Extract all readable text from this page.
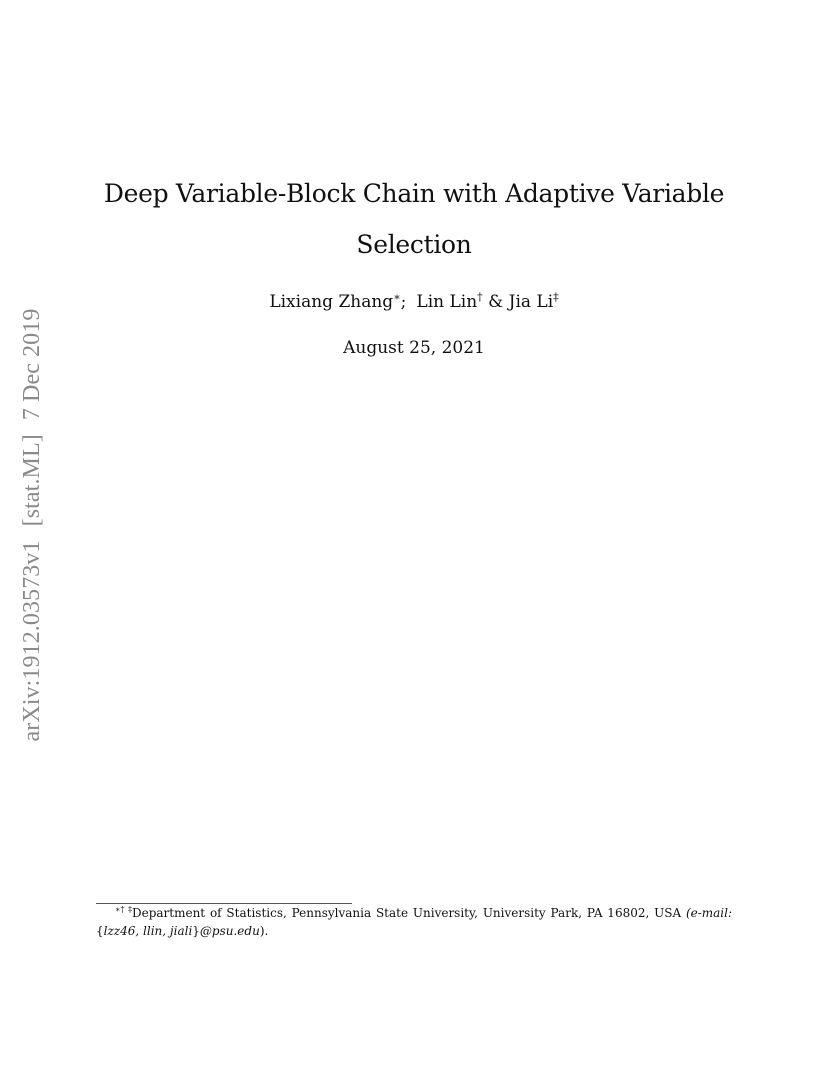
arXiv:1912.03573v1[stat.ML]7 Dec 2019
Deep Variable-Block Chain with Adaptive Variable
Selection
Lixiang Zhang∗; Lin Lin† & Jia Li‡
August 25, 2021
∗† ‡Department of Statistics, Pennsylvania State University, University Park, PA 16802, USA (e-mail:
{lzz46, llin, jiali}@psu.edu).
